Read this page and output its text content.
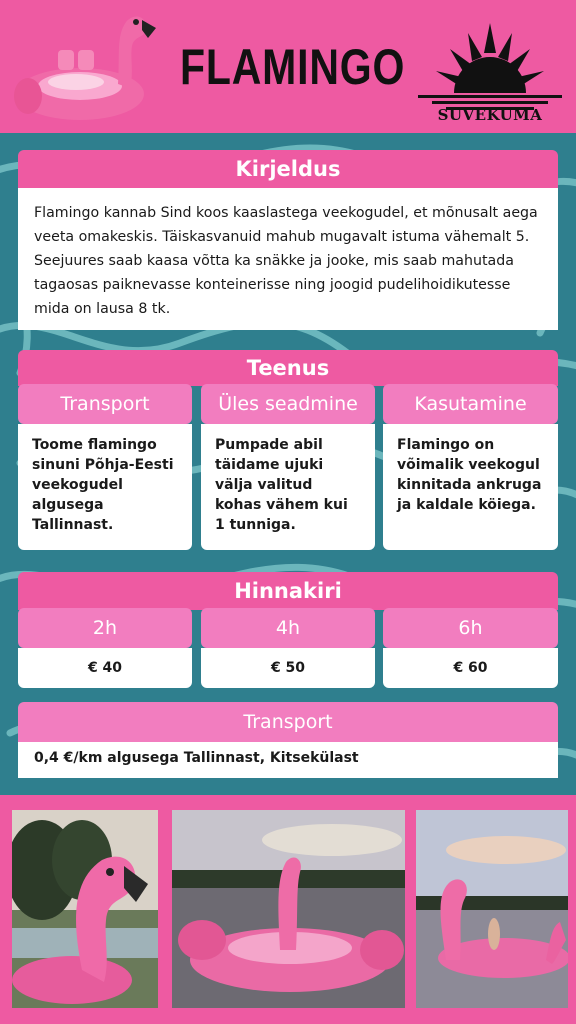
FLAMINGO
SUVEKUMA
Kirjeldus
Flamingo kannab Sind koos kaaslastega veekogudel, et mõnusalt aega veeta omakeskis. Täiskasvanuid mahub mugavalt istuma vähemalt 5. Seejuures saab kaasa võtta ka snäkke ja jooke, mis saab mahutada tagaosas paiknevasse konteinerisse ning joogid pudelihoidikutesse mida on lausa 8 tk.
Teenus
Transport
Toome flamingo sinuni Põhja-Eesti veekogudel algusega Tallinnast.
Üles seadmine
Pumpade abil täidame ujuki välja valitud kohas vähem kui 1 tunniga.
Kasutamine
Flamingo on võimalik veekogul kinnitada ankruga ja kaldale köiega.
Hinnakiri
2h
€ 40
4h
€ 50
6h
€ 60
Transport
0,4 €/km algusega Tallinnast, Kitsekülast
